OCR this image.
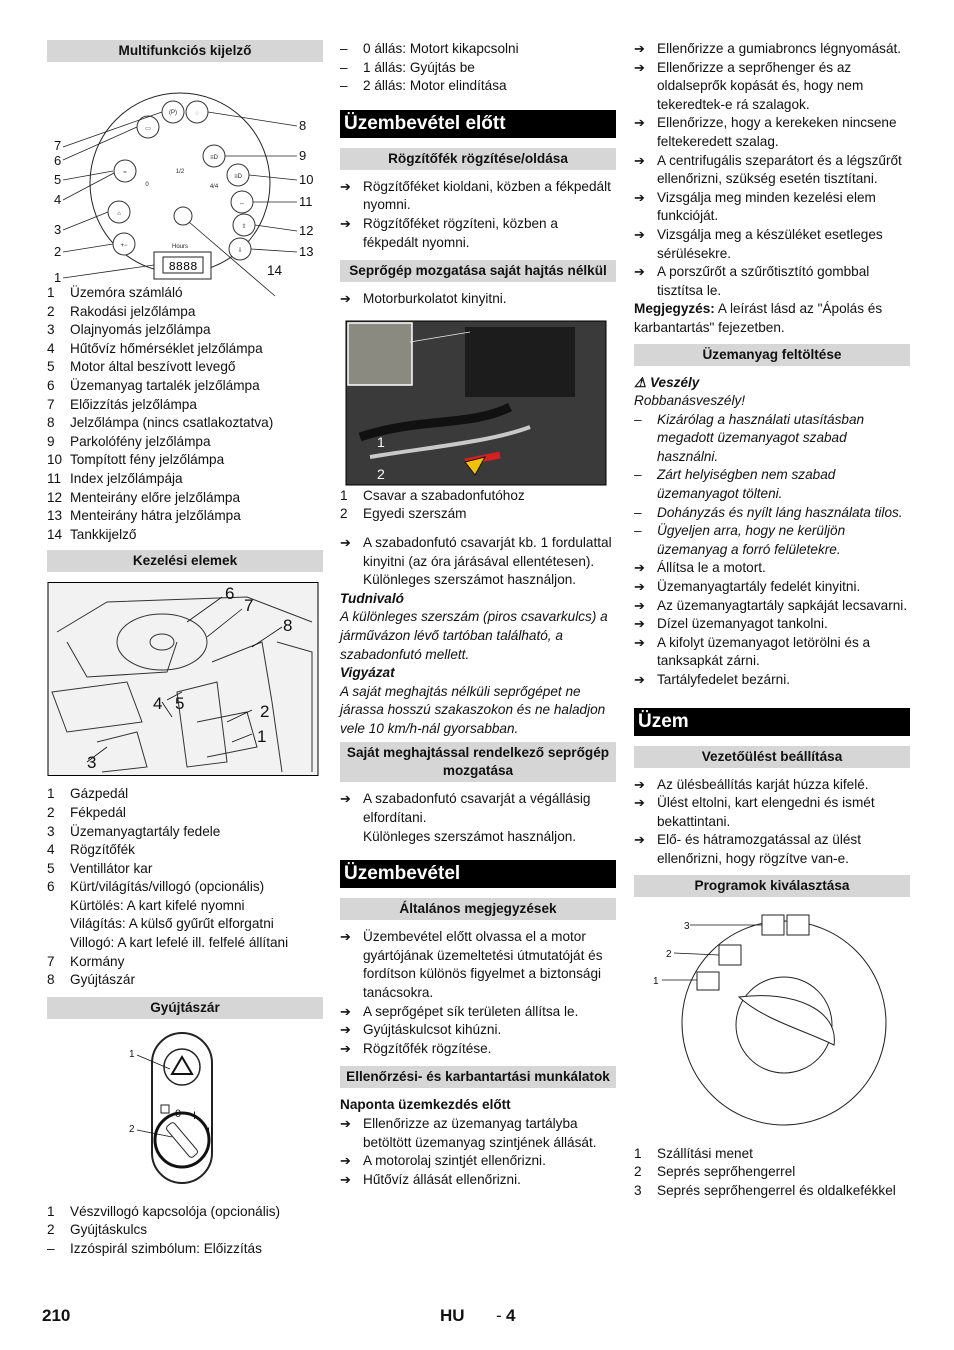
Multifunkciós kijelző
(P)
▭
≈
⌂
+−
◌
≡D
≡D
⇔
⇧
⇩
1/2
0	4/4
Hours
8888
7
6
5
4
3
2
1
8
9
10
11
12
13
14
1	Üzemóra számláló
2	Rakodási jelzőlámpa
3	Olajnyomás jelzőlámpa
4	Hűtővíz hőmérséklet jelzőlámpa
5	Motor által beszívott levegő
6	Üzemanyag tartalék jelzőlámpa
7	Előizzítás jelzőlámpa
8	Jelzőlámpa (nincs csatlakoztatva)
9	Parkolófény jelzőlámpa
10 Tompított fény jelzőlámpa
11 Index jelzőlámpája
12 Menteirány előre jelzőlámpa
13 Menteirány hátra jelzőlámpa
14 Tankkijelző
Kezelési elemek
1
2
3
4 5
6
7
8
1	Gázpedál
2	Fékpedál
3	Üzemanyagtartály fedele
4	Rögzítőfék
5	Ventillátor kar
6	Kürt/világítás/villogó (opcionális)
Kürtölés: A kart kifelé nyomni
Világítás: A külső gyűrűt elforgatni
Villogó: A kart lefelé ill. felfelé állítani
7	Kormány
8	Gyújtászár
Gyújtászár
0 I
II
1
2
1	Vészvillogó kapcsolója (opcionális)
2	Gyújtáskulcs
–	Izzóspirál szimbólum: Előizzítás
–	0 állás: Motort kikapcsolni
–	1 állás: Gyújtás be
–	2 állás: Motor elindítása
Üzembevétel előtt
Rögzítőfék rögzítése/oldása
➔ Rögzítőféket kioldani, közben a fékpedált nyomni.
➔ Rögzítőféket rögzíteni, közben a fékpedált nyomni.
Seprőgép mozgatása saját hajtás nélkül
➔ Motorburkolatot kinyitni.
1
2
1	Csavar a szabadonfutóhoz
2	Egyedi szerszám
➔ A szabadonfutó csavarját kb. 1 fordulattal kinyitni (az óra járásával ellentétesen).
Különleges szerszámot használjon.
Tudnivaló
A különleges szerszám (piros csavarkulcs) a járművázon lévő tartóban található, a szabadonfutó mellett.
Vigyázat
A saját meghajtás nélküli seprőgépet ne járassa hosszú szakaszokon és ne haladjon vele 10 km/h-nál gyorsabban.
Saját meghajtással rendelkező seprőgép mozgatása
➔ A szabadonfutó csavarját a végállásig elfordítani.
Különleges szerszámot használjon.
Üzembevétel
Általános megjegyzések
➔ Üzembevétel előtt olvassa el a motor gyártójának üzemeltetési útmutatóját és fordítson különös figyelmet a biztonsági tanácsokra.
➔ A seprőgépet sík területen állítsa le.
➔ Gyújtáskulcsot kihúzni.
➔ Rögzítőfék rögzítése.
Ellenőrzési- és karbantartási munkálatok
Naponta üzemkezdés előtt
➔ Ellenőrizze az üzemanyag tartályba betöltött üzemanyag szintjének állását.
➔ A motorolaj szintjét ellenőrizni.
➔ Hűtővíz állását ellenőrizni.
➔ Ellenőrizze a gumiabroncs légnyomását.
➔ Ellenőrizze a seprőhenger és az oldalseprők kopását és, hogy nem tekeredtek-e rá szalagok.
➔ Ellenőrizze, hogy a kerekeken nincsene feltekeredett szalag.
➔ A centrifugális szeparátort és a légszűrőt ellenőrizni, szükség esetén tisztítani.
➔ Vizsgálja meg minden kezelési elem funkcióját.
➔ Vizsgálja meg a készüléket esetleges sérülésekre.
➔ A porszűrőt a szűrőtisztító gombbal tisztítsa le.
Megjegyzés: A leírást lásd az "Ápolás és karbantartás" fejezetben.
Üzemanyag feltöltése
⚠ Veszély
Robbanásveszély!
–	Kizárólag a használati utasításban megadott üzemanyagot szabad használni.
–	Zárt helyiségben nem szabad üzemanyagot tölteni.
–	Dohányzás és nyílt láng használata tilos.
–	Ügyeljen arra, hogy ne kerüljön üzemanyag a forró felületekre.
➔ Állítsa le a motort.
➔ Üzemanyagtartály fedelét kinyitni.
➔ Az üzemanyagtartály sapkáját lecsavarni.
➔ Dízel üzemanyagot tankolni.
➔ A kifolyt üzemanyagot letörölni és a tanksapkát zárni.
➔ Tartályfedelet bezárni.
Üzem
Vezetőülést beállítása
➔ Az ülésbeállítás karját húzza kifelé.
➔ Ülést eltolni, kart elengedni és ismét bekattintani.
➔ Elő- és hátramozgatással az ülést ellenőrizni, hogy rögzítve van-e.
Programok kiválasztása
1
2
3
1	Szállítási menet
2	Seprés seprőhengerrel
3	Seprés seprőhengerrel és oldalkefékkel
210	HU - 4
